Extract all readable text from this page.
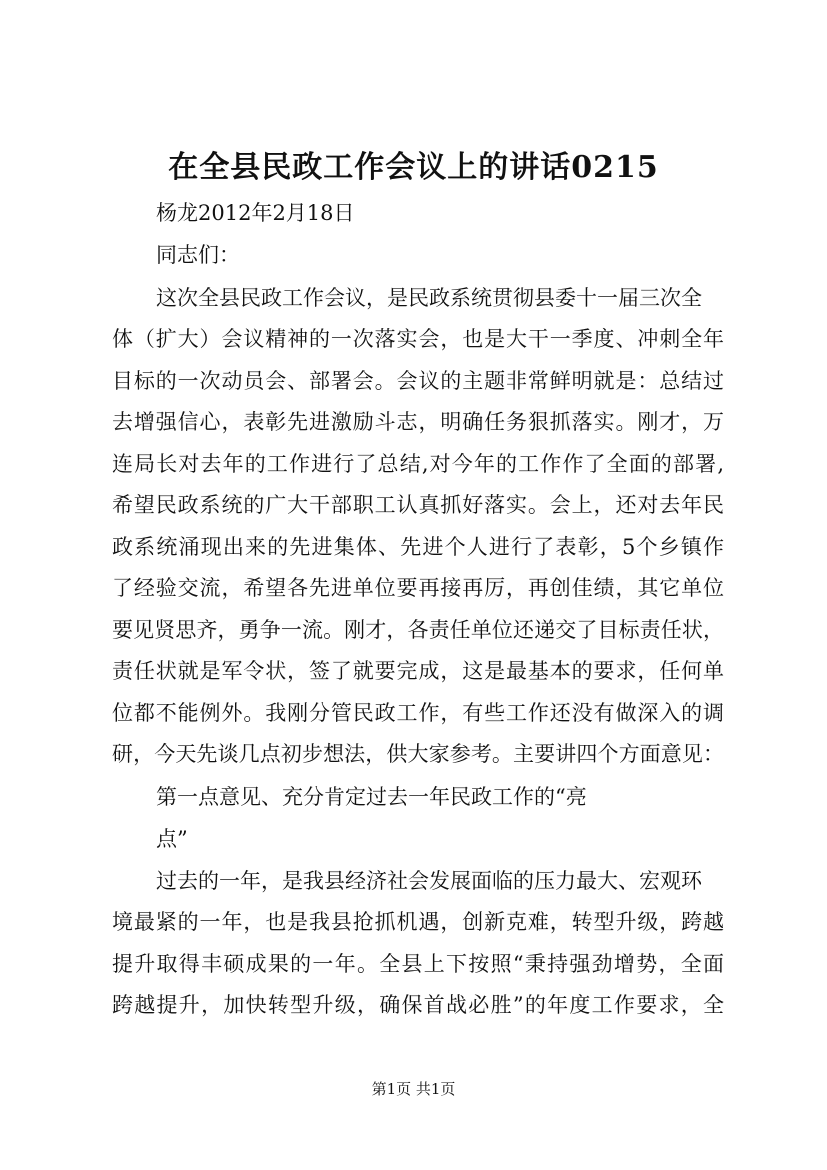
在全县民政工作会议上的讲话0215
杨龙2012年2月18日
同志们：
这次全县民政工作会议，是民政系统贯彻县委十一届三次全
体（扩大）会议精神的一次落实会，也是大干一季度、冲刺全年
目标的一次动员会、部署会。会议的主题非常鲜明就是：总结过
去增强信心，表彰先进激励斗志，明确任务狠抓落实。刚才，万
连局长对去年的工作进行了总结,对今年的工作作了全面的部署,
希望民政系统的广大干部职工认真抓好落实。会上，还对去年民
政系统涌现出来的先进集体、先进个人进行了表彰，5个乡镇作
了经验交流，希望各先进单位要再接再厉，再创佳绩，其它单位
要见贤思齐，勇争一流。刚才，各责任单位还递交了目标责任状，
责任状就是军令状，签了就要完成，这是最基本的要求，任何单
位都不能例外。我刚分管民政工作，有些工作还没有做深入的调
研，今天先谈几点初步想法，供大家参考。主要讲四个方面意见：
第一点意见、充分肯定过去一年民政工作的“亮
点”
过去的一年，是我县经济社会发展面临的压力最大、宏观环
境最紧的一年，也是我县抢抓机遇，创新克难，转型升级，跨越
提升取得丰硕成果的一年。全县上下按照“秉持强劲增势，全面
跨越提升，加快转型升级，确保首战必胜”的年度工作要求，全
第1页 共1页
